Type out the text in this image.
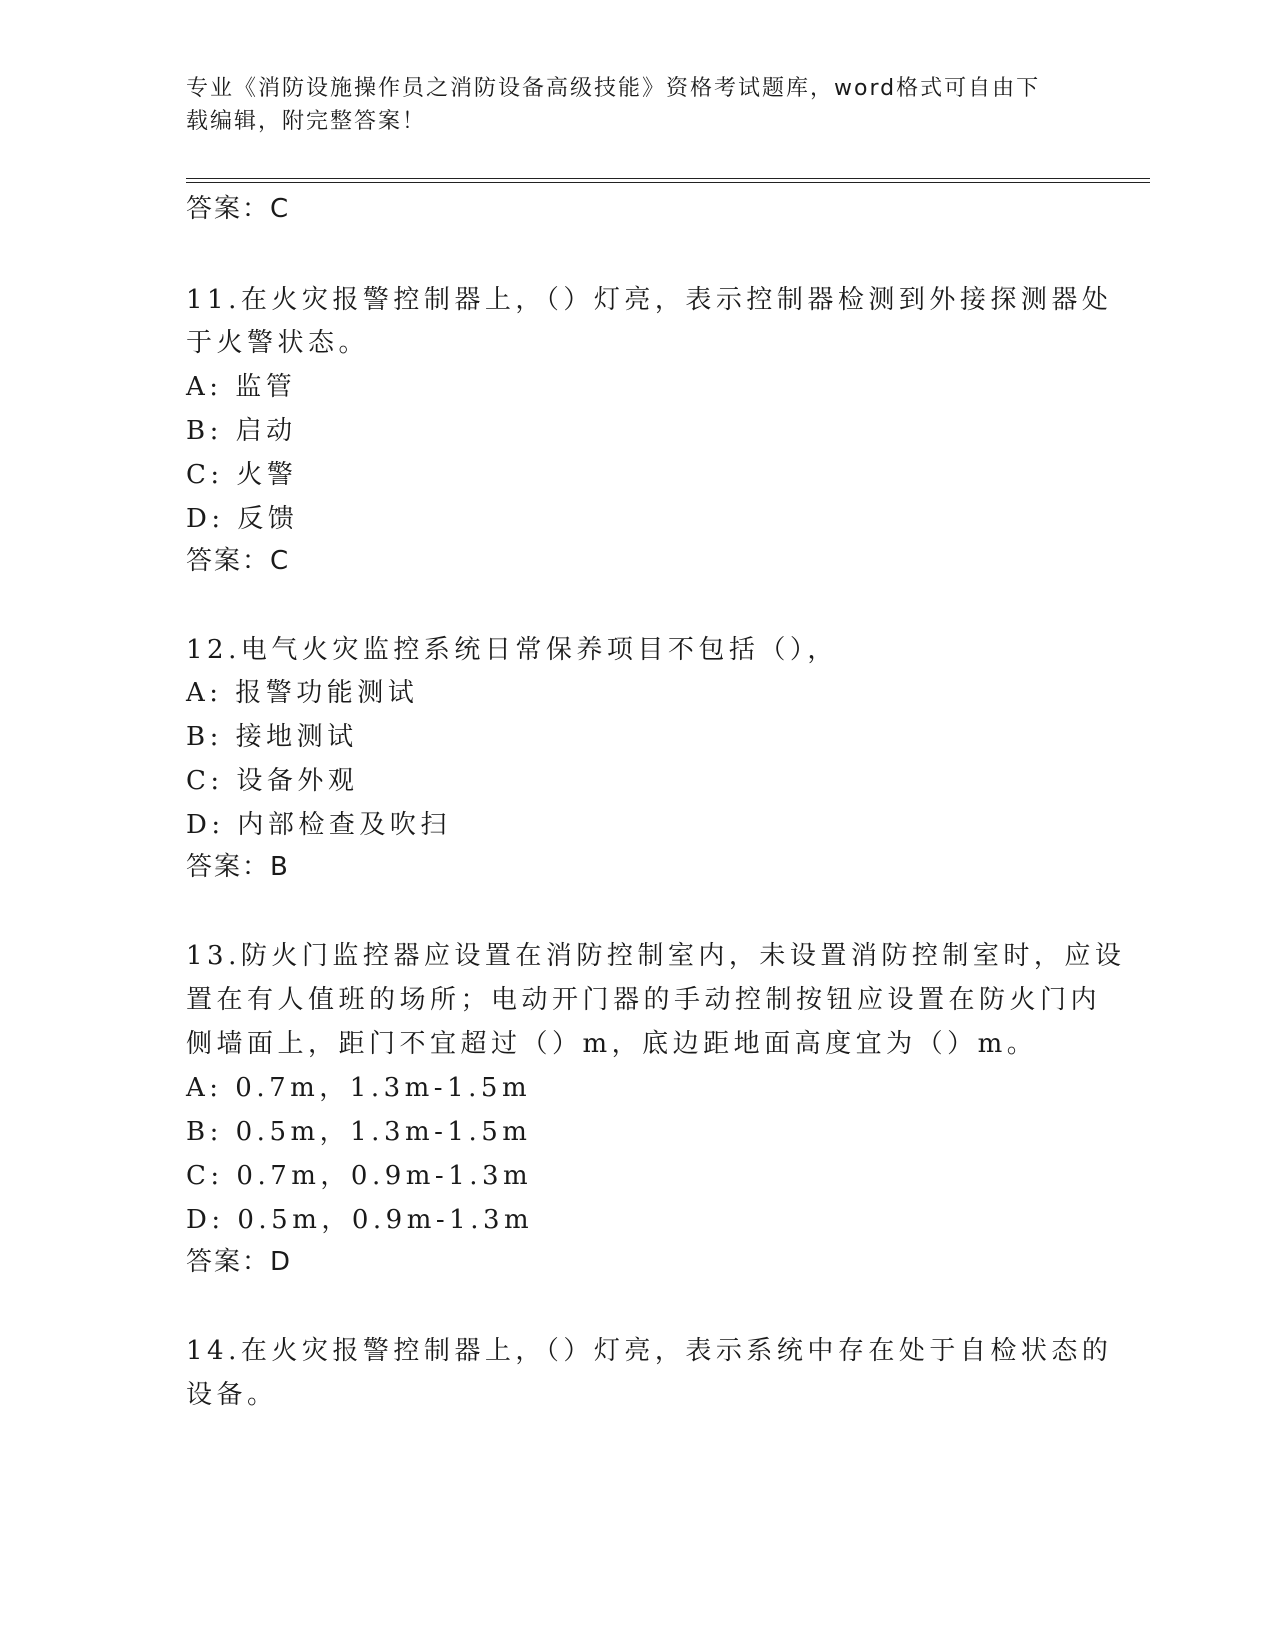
专业《消防设施操作员之消防设备高级技能》资格考试题库，word格式可自由下
载编辑，附完整答案！
答案：C
11.在火灾报警控制器上，（）灯亮，表示控制器检测到外接探测器处
于火警状态。
A: 监管
B: 启动
C: 火警
D: 反馈
答案：C
12.电气火灾监控系统日常保养项目不包括（），
A: 报警功能测试
B: 接地测试
C: 设备外观
D: 内部检查及吹扫
答案：B
13.防火门监控器应设置在消防控制室内，未设置消防控制室时，应设
置在有人值班的场所；电动开门器的手动控制按钮应设置在防火门内
侧墙面上，距门不宜超过（）m，底边距地面高度宜为（）m。
A: 0.7m，1.3m-1.5m
B: 0.5m，1.3m-1.5m
C: 0.7m，0.9m-1.3m
D: 0.5m，0.9m-1.3m
答案：D
14.在火灾报警控制器上，（）灯亮，表示系统中存在处于自检状态的
设备。
